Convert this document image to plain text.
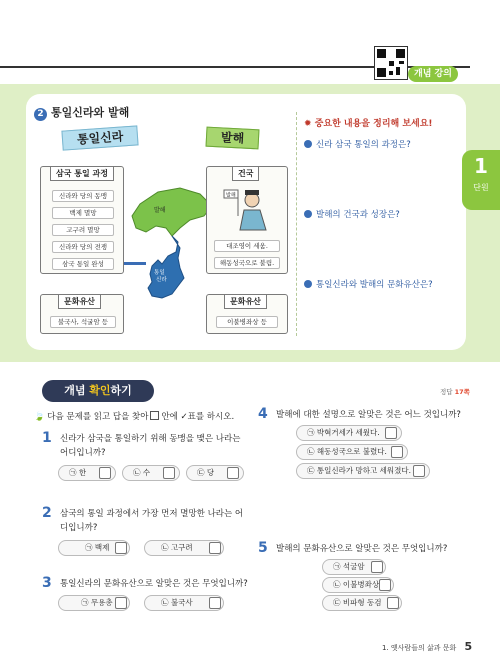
개념 강의
2 통일신라와 발해
통일신라
삼국 통일 과정
신라와 당의 동맹
백제 멸망
고구려 멸망
신라와 당의 전쟁
삼국 통일 완성
문화유산
불국사, 석굴암 등
발해
통일
신라
발해
건국
발해
대조영이 세움.
해동성국으로 불림.
문화유산
이불병좌상 등
✹ 중요한 내용을 정리해 보세요!
신라 삼국 통일의 과정은?
발해의 건국과 성장은?
통일신라와 발해의 문화유산은?
1
단원
개념 확인하기	정답 17쪽
🍃 다음 문제를 읽고 답을 찾아 안에 ✓표를 하시오.
1 신라가 삼국을 통일하기 위해 동맹을 맺은 나라는 어디입니까?
㉠ 한	㉡ 수	㉢ 당
2 삼국의 통일 과정에서 가장 먼저 멸망한 나라는 어디입니까?
㉠ 백제	㉡ 고구려
3 통일신라의 문화유산으로 알맞은 것은 무엇입니까?
㉠ 무용총	㉡ 불국사
4 발해에 대한 설명으로 알맞은 것은 어느 것입니까?
㉠ 박혁거세가 세웠다.
㉡ 해동성국으로 불렸다.
㉢ 통일신라가 망하고 세워졌다.
5 발해의 문화유산으로 알맞은 것은 무엇입니까?
㉠ 석굴암
㉡ 이불병좌상
㉢ 비파형 동검
1. 옛사람들의 삶과 문화 5
